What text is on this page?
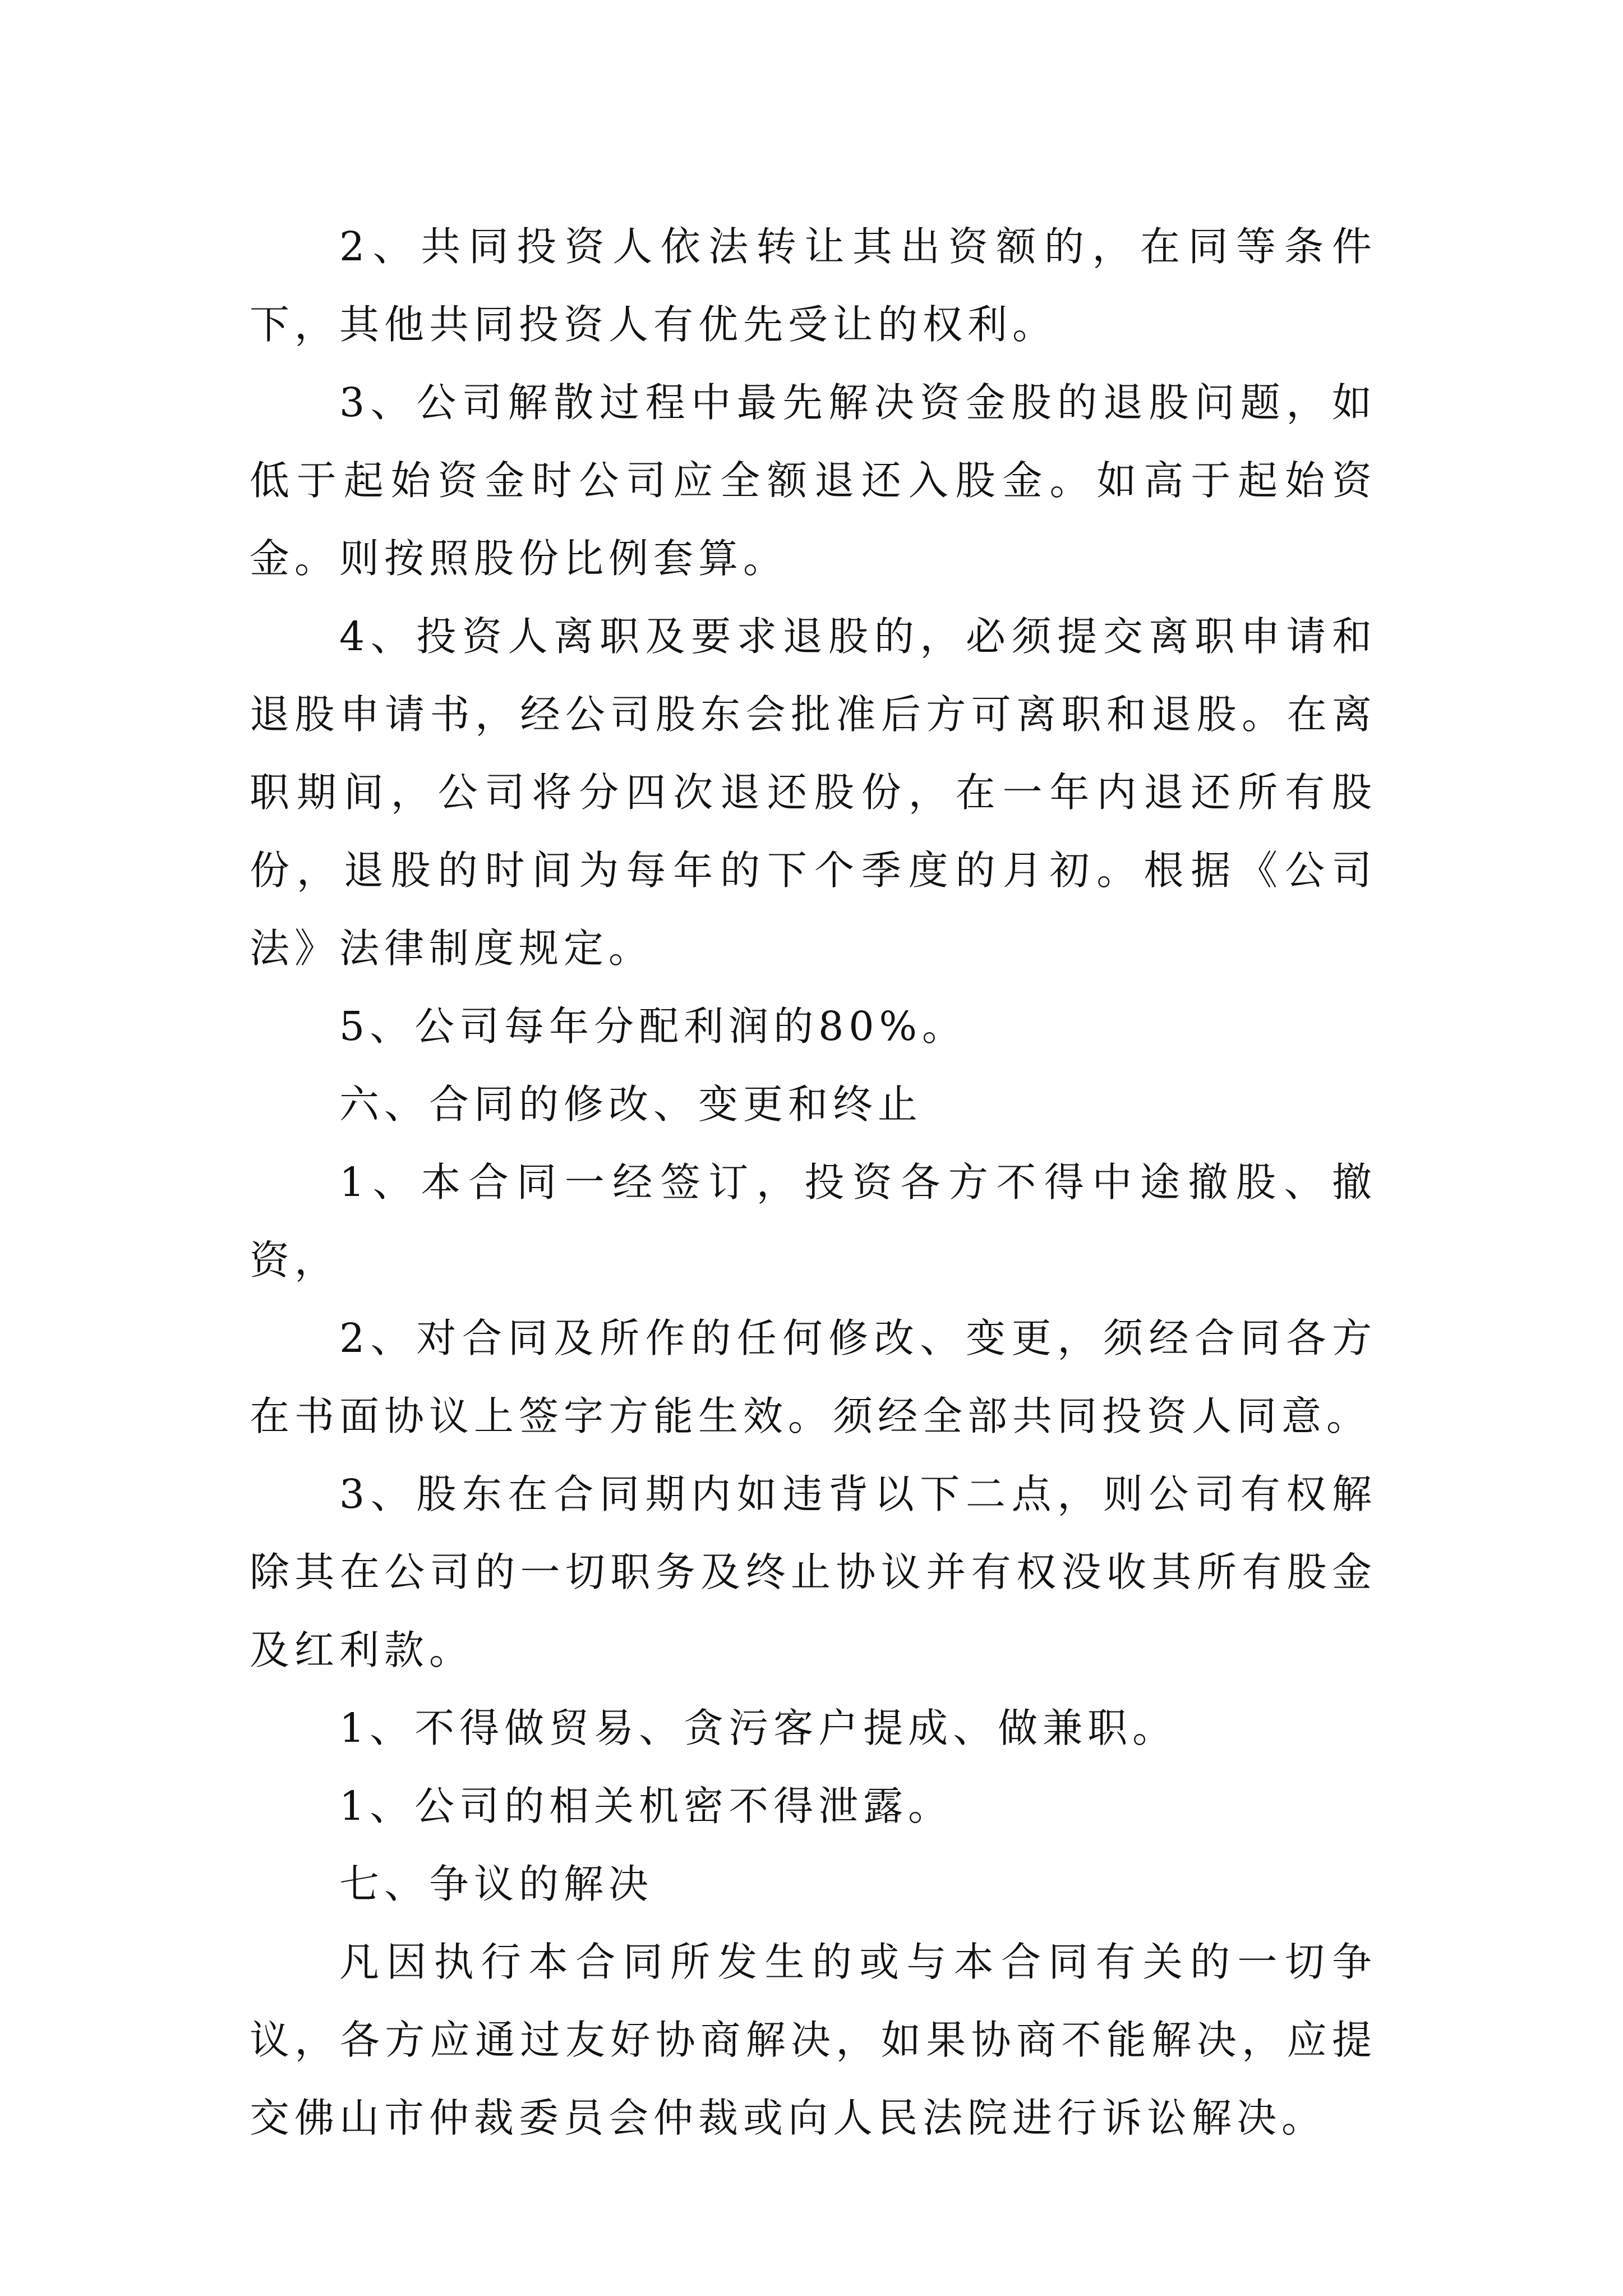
2、共同投资人依法转让其出资额的，在同等条件下，其他共同投资人有优先受让的权利。

3、公司解散过程中最先解决资金股的退股问题，如低于起始资金时公司应全额退还入股金。如高于起始资金。则按照股份比例套算。

4、投资人离职及要求退股的，必须提交离职申请和退股申请书，经公司股东会批准后方可离职和退股。在离职期间，公司将分四次退还股份，在一年内退还所有股份，退股的时间为每年的下个季度的月初。根据《公司法》法律制度规定。

5、公司每年分配利润的80%。

六、合同的修改、变更和终止

1、本合同一经签订，投资各方不得中途撤股、撤资，

2、对合同及所作的任何修改、变更，须经合同各方在书面协议上签字方能生效。须经全部共同投资人同意。

3、股东在合同期内如违背以下二点，则公司有权解除其在公司的一切职务及终止协议并有权没收其所有股金及红利款。

1、不得做贸易、贪污客户提成、做兼职。

1、公司的相关机密不得泄露。

七、争议的解决

凡因执行本合同所发生的或与本合同有关的一切争议，各方应通过友好协商解决，如果协商不能解决，应提交佛山市仲裁委员会仲裁或向人民法院进行诉讼解决。
